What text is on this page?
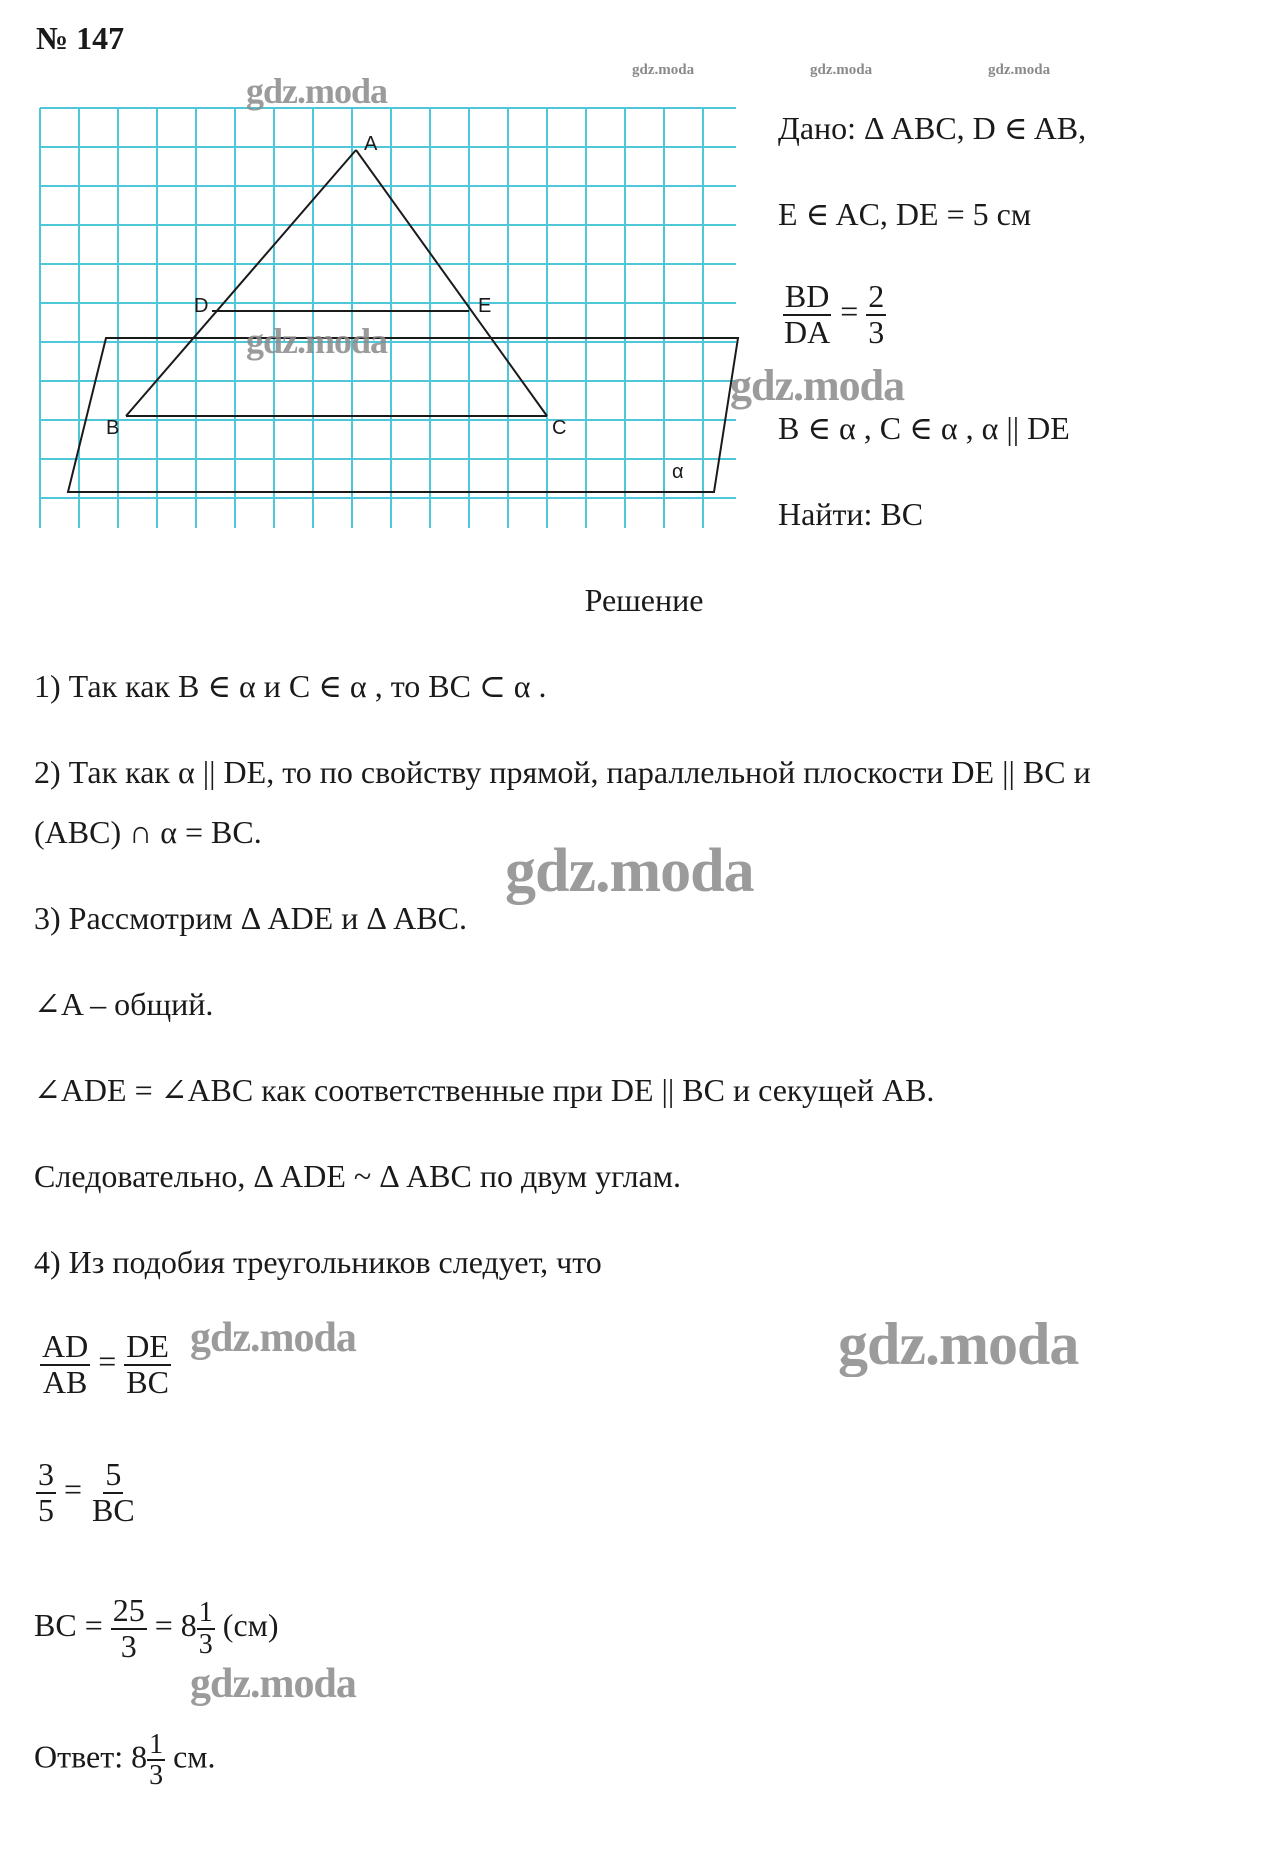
№ 147
gdz.moda	gdz.moda	gdz.moda
A
D	E
B	C
α
gdz.moda
gdz.moda
gdz.moda
gdz.moda
gdz.moda	gdz.moda
gdz.moda
Дано: Δ ABC, D ∈ AB,
E ∈ AC, DE = 5 см
$\frac{BD}{DA} = \frac{2}{3}$
B ∈ α , C ∈ α , α || DE
Найти: BC
Решение
1) Так как B ∈ α и C ∈ α , то BC ⊂ α .
2) Так как α || DE, то по свойству прямой, параллельной плоскости DE || BC и
(ABC) ∩ α = BC.
3) Рассмотрим Δ ADE и Δ ABC.
∠A – общий.
∠ADE = ∠ABC как соответственные при DE || BC и секущей AB.
Следовательно, Δ ADE ~ Δ ABC по двум углам.
4) Из подобия треугольников следует, что
$\frac{AD}{AB} = \frac{DE}{BC}$
$\frac{3}{5} = \frac{5}{BC}$
BC = $\frac{25}{3} = 8 \frac{1}{3} (см)$
Ответ: $8 \frac{1}{3}$ см.
